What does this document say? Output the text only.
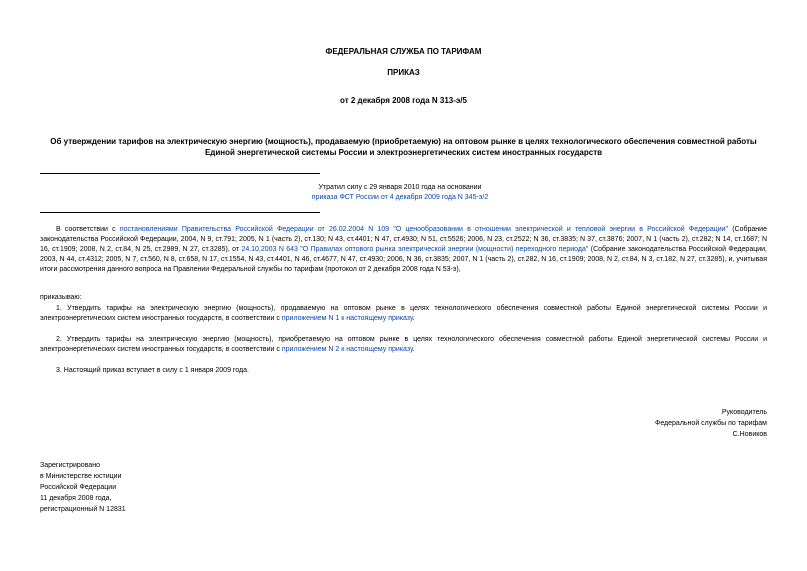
ФЕДЕРАЛЬНАЯ СЛУЖБА ПО ТАРИФАМ
ПРИКАЗ
от 2 декабря 2008 года N 313-э/5
Об утверждении тарифов на электрическую энергию (мощность), продаваемую (приобретаемую) на оптовом рынке в целях технологического обеспечения совместной работы Единой энергетической системы России и электроэнергетических систем иностранных государств
Утратил силу с 29 января 2010 года на основании
приказа ФСТ России от 4 декабря 2009 года N 345-э/2
В соответствии с постановлениями Правительства Российской Федерации от 26.02.2004 N 109 "О ценообразовании в отношении электрической и тепловой энергии в Российской Федерации" (Собрание законодательства Российской Федерации, 2004, N 9, ст.791; 2005, N 1 (часть 2), ст.130; N 43, ст.4401; N 47, ст.4930; N 51, ст.5526; 2006, N 23, ст.2522; N 36, ст.3835; N 37, ст.3876; 2007, N 1 (часть 2), ст.282; N 14, ст.1687; N 16, ст.1909; 2008, N 2, ст.84, N 25, ст.2989, N 27, ст.3285), от 24.10.2003 N 643 "О Правилах оптового рынка электрической энергии (мощности) переходного периода" (Собрание законодательства Российской Федерации, 2003, N 44, ст.4312; 2005, N 7, ст.560, N 8, ст.658, N 17, ст.1554, N 43, ст.4401, N 46, ст.4677, N 47, ст.4930; 2006, N 36, ст.3835; 2007, N 1 (часть 2), ст.282, N 16, ст.1909; 2008, N 2, ст.84, N 3, ст.182, N 27, ст.3285), и, учитывая итоги рассмотрения данного вопроса на Правлении Федеральной службы по тарифам (протокол от 2 декабря 2008 года N 53-э),
приказываю:
1. Утвердить тарифы на электрическую энергию (мощность), продаваемую на оптовом рынке в целях технологического обеспечения совместной работы Единой энергетической системы России и электроэнергетических систем иностранных государств, в соответствии с приложением N 1 к настоящему приказу.
2. Утвердить тарифы на электрическую энергию (мощность), приобретаемую на оптовом рынке в целях технологического обеспечения совместной работы Единой энергетической системы России и электроэнергетических систем иностранных государств, в соответствии с приложением N 2 к настоящему приказу.
3. Настоящий приказ вступает в силу с 1 января 2009 года.
Руководитель
Федеральной службы по тарифам
С.Новиков
Зарегистрировано
в Министерстве юстиции
Российской Федерации
11 декабря 2008 года,
регистрационный N 12831
